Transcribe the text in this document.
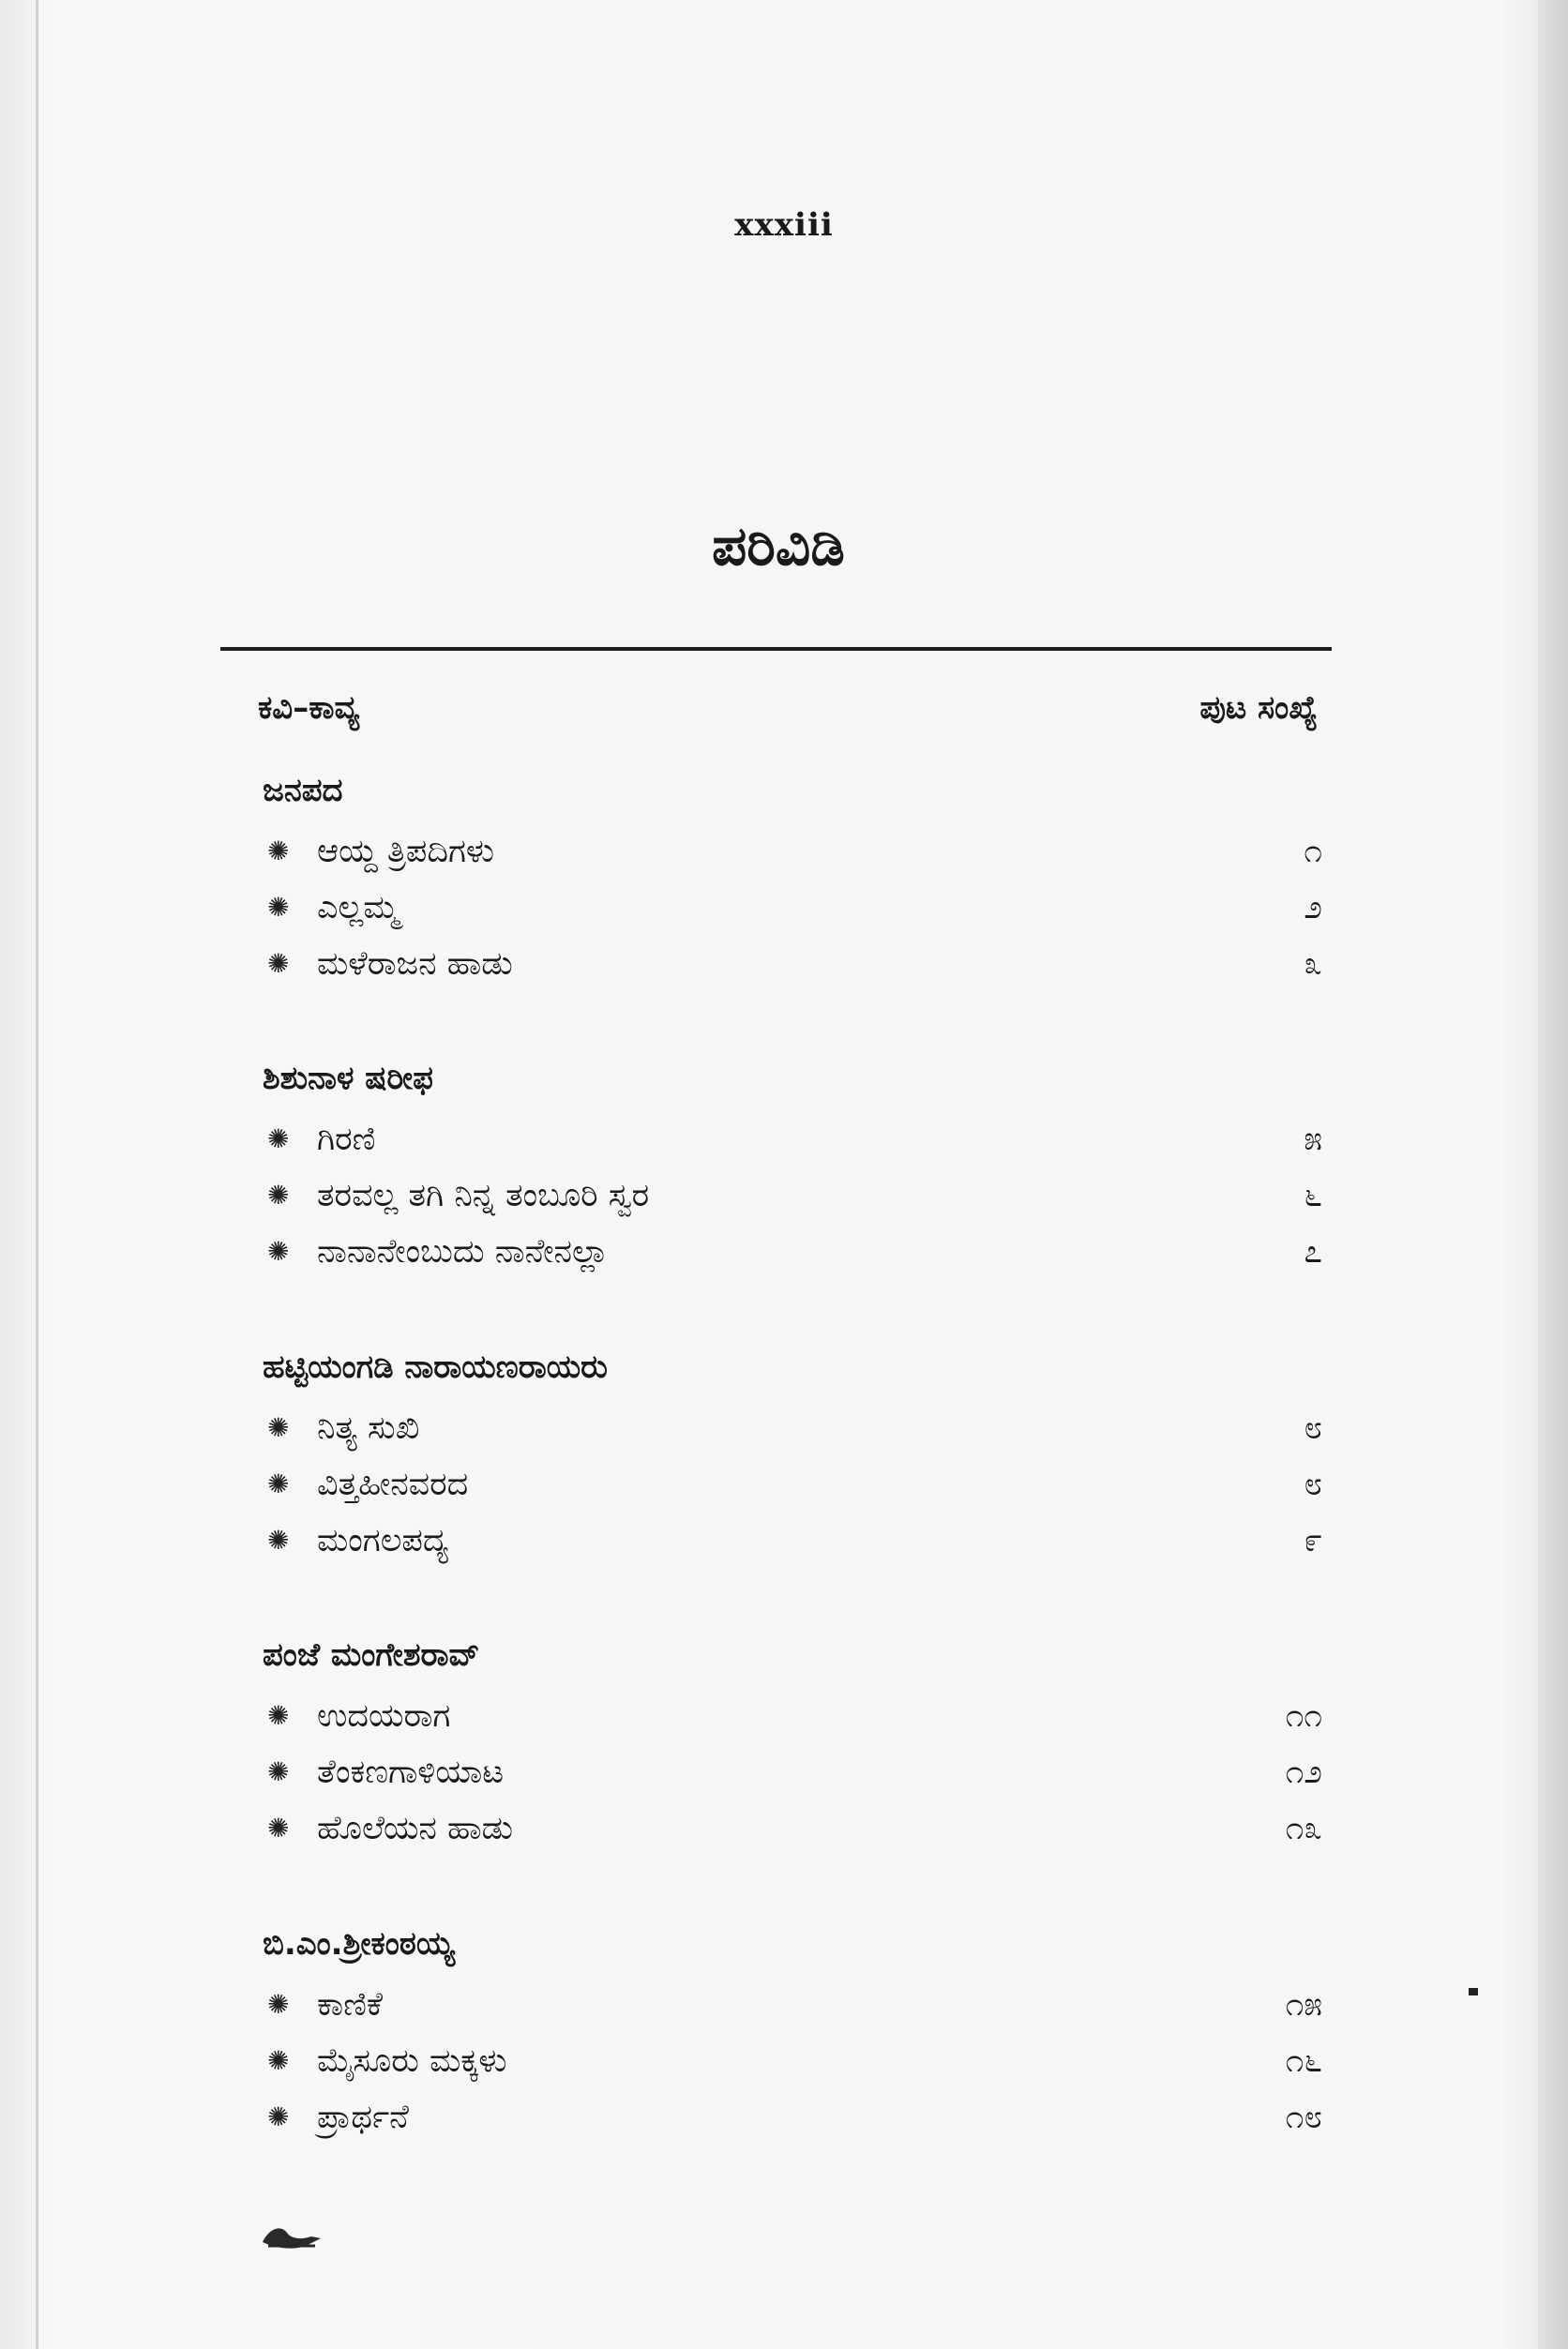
xxxiii
ಪರಿವಿಡಿ
ಕವಿ–ಕಾವ್ಯ	ಪುಟ ಸಂಖ್ಯೆ
ಜನಪದ
✺ ಆಯ್ದ ತ್ರಿಪದಿಗಳು	೧
✺ ಎಲ್ಲಮ್ಮ	೨
✺ ಮಳೆರಾಜನ ಹಾಡು	೩
ಶಿಶುನಾಳ ಷರೀಫ
✺ ಗಿರಣಿ	೫
✺ ತರವಲ್ಲ ತಗಿ ನಿನ್ನ ತಂಬೂರಿ ಸ್ವರ	೬
✺ ನಾನಾನೇಂಬುದು ನಾನೇನಲ್ಲಾ	೭
ಹಟ್ಟಿಯಂಗಡಿ ನಾರಾಯಣರಾಯರು
✺ ನಿತ್ಯ ಸುಖಿ	೮
✺ ವಿತ್ತಹೀನವರದ	೮
✺ ಮಂಗಲಪದ್ಯ	೯
ಪಂಜೆ ಮಂಗೇಶರಾವ್
✺ ಉದಯರಾಗ	೧೧
✺ ತೆಂಕಣಗಾಳಿಯಾಟ	೧೨
✺ ಹೊಲೆಯನ ಹಾಡು	೧೩
ಬಿ.ಎಂ.ಶ್ರೀಕಂಠಯ್ಯ
✺ ಕಾಣಿಕೆ	೧೫
✺ ಮೈಸೂರು ಮಕ್ಕಳು	೧೬
✺ ಪ್ರಾರ್ಥನೆ	೧೮
